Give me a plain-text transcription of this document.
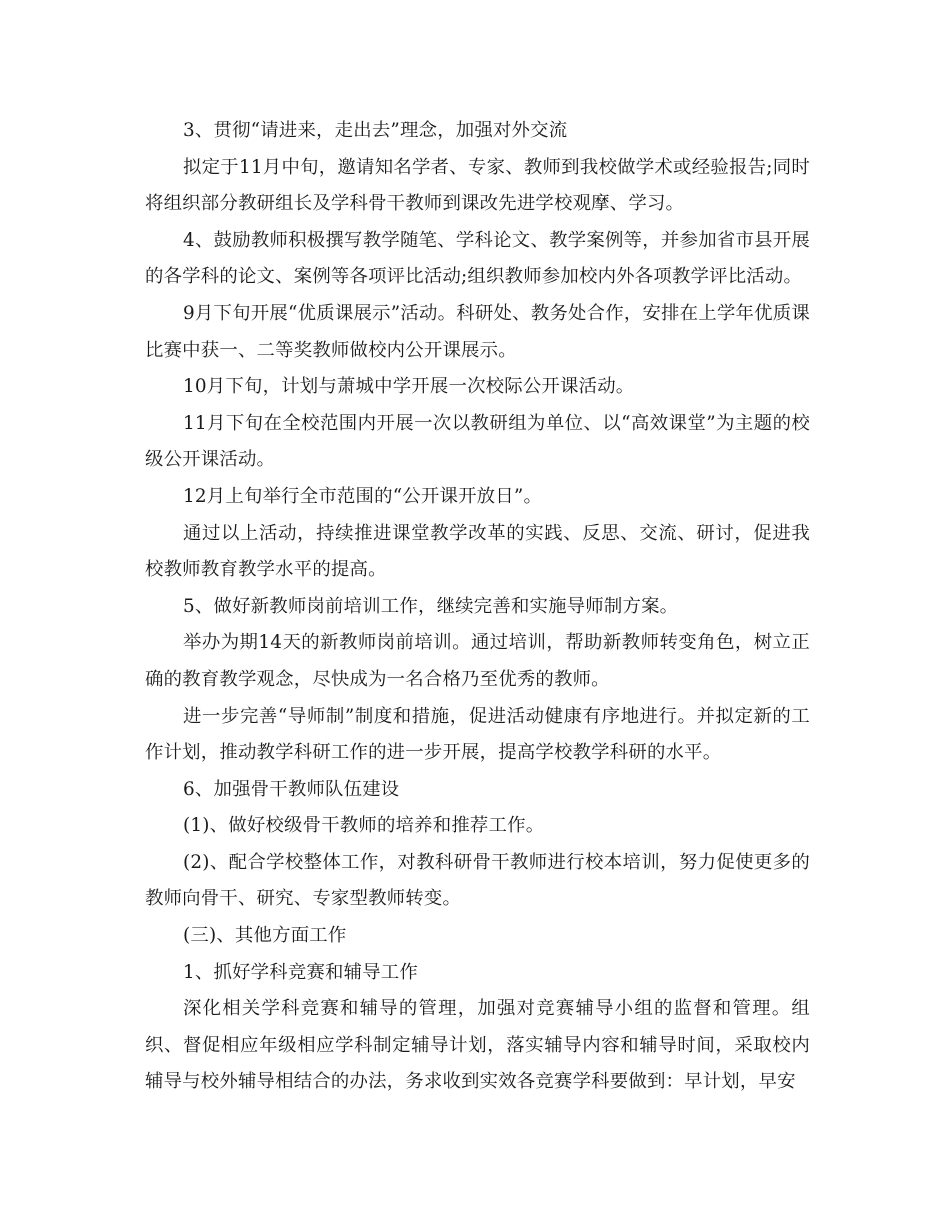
3、贯彻“请进来，走出去”理念，加强对外交流

拟定于11月中旬，邀请知名学者、专家、教师到我校做学术或经验报告;同时将组织部分教研组长及学科骨干教师到课改先进学校观摩、学习。

4、鼓励教师积极撰写教学随笔、学科论文、教学案例等，并参加省市县开展的各学科的论文、案例等各项评比活动;组织教师参加校内外各项教学评比活动。

9月下旬开展“优质课展示”活动。科研处、教务处合作，安排在上学年优质课比赛中获一、二等奖教师做校内公开课展示。

10月下旬，计划与萧城中学开展一次校际公开课活动。

11月下旬在全校范围内开展一次以教研组为单位、以“高效课堂”为主题的校级公开课活动。

12月上旬举行全市范围的“公开课开放日”。

通过以上活动，持续推进课堂教学改革的实践、反思、交流、研讨，促进我校教师教育教学水平的提高。

5、做好新教师岗前培训工作，继续完善和实施导师制方案。

举办为期14天的新教师岗前培训。通过培训，帮助新教师转变角色，树立正确的教育教学观念，尽快成为一名合格乃至优秀的教师。

进一步完善“导师制”制度和措施，促进活动健康有序地进行。并拟定新的工作计划，推动教学科研工作的进一步开展，提高学校教学科研的水平。

6、加强骨干教师队伍建设

(1)、做好校级骨干教师的培养和推荐工作。

(2)、配合学校整体工作，对教科研骨干教师进行校本培训，努力促使更多的教师向骨干、研究、专家型教师转变。

(三)、其他方面工作

1、抓好学科竞赛和辅导工作

深化相关学科竞赛和辅导的管理，加强对竞赛辅导小组的监督和管理。组织、督促相应年级相应学科制定辅导计划，落实辅导内容和辅导时间，采取校内辅导与校外辅导相结合的办法，务求收到实效各竞赛学科要做到：早计划，早安
